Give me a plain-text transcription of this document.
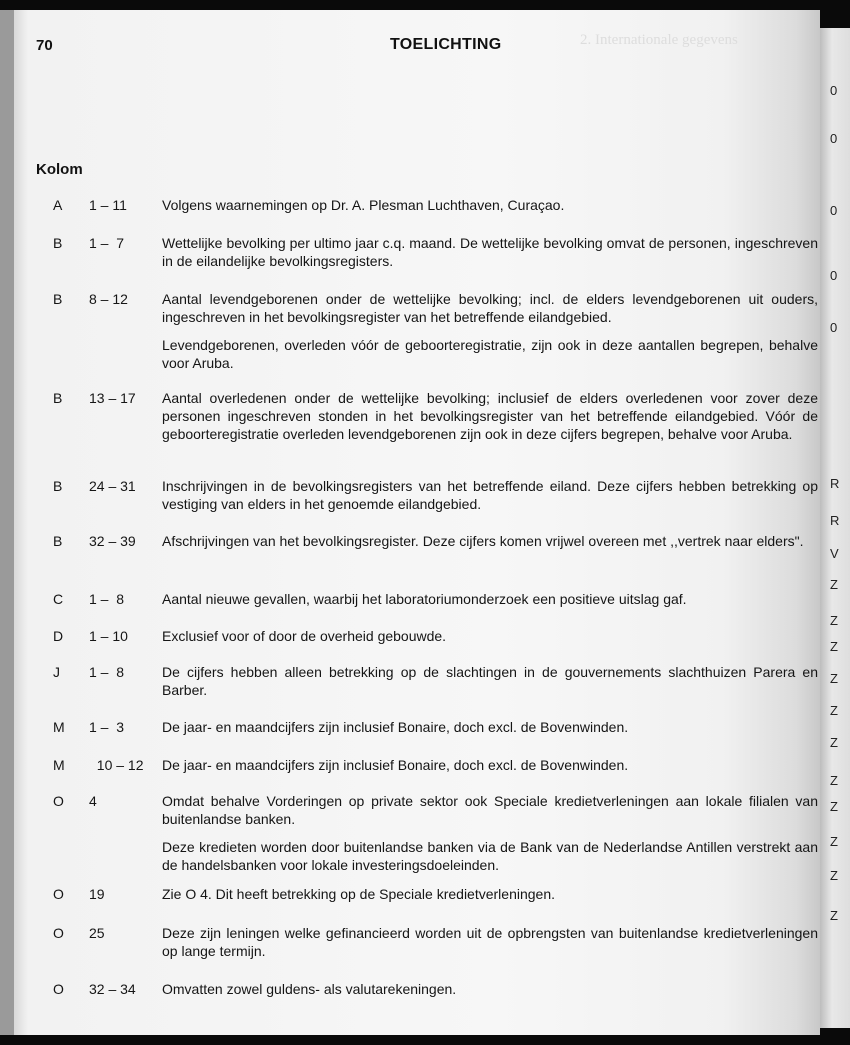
0
0
0
0
0
R
R
V
Z
Z
Z
Z
Z
Z
Z
Z
Z
Z
Z
70	TOELICHTING	2. Internationale gegevens
Kolom
A	1 – 11	Volgens waarnemingen op Dr. A. Plesman Luchthaven, Curaçao.

B	1 –  7	Wettelijke bevolking per ultimo jaar c.q. maand. De wettelijke bevolking omvat de personen, ingeschreven in de eilandelijke bevolkingsregisters.

B	8 – 12	Aantal levendgeborenen onder de wettelijke bevolking; incl. de elders levendgeborenen uit ouders, ingeschreven in het bevolkingsregister van het betreffende eilandgebied.

Levendgeborenen, overleden vóór de geboorteregistratie, zijn ook in deze aantallen begrepen, behalve voor Aruba.

B	13 – 17	Aantal overledenen onder de wettelijke bevolking; inclusief de elders overledenen voor zover deze personen ingeschreven stonden in het bevolkingsregister van het betreffende eilandgebied. Vóór de geboorteregistratie overleden levendgeborenen zijn ook in deze cijfers begrepen, behalve voor Aruba.

B	24 – 31	Inschrijvingen in de bevolkingsregisters van het betreffende eiland. Deze cijfers hebben betrekking op vestiging van elders in het genoemde eilandgebied.

B	32 – 39	Afschrijvingen van het bevolkingsregister. Deze cijfers komen vrijwel overeen met ,,vertrek naar elders".

C	1 –  8	Aantal nieuwe gevallen, waarbij het laboratoriumonderzoek een positieve uitslag gaf.

D	1 – 10	Exclusief voor of door de overheid gebouwde.

J	1 –  8	De cijfers hebben alleen betrekking op de slachtingen in de gouvernements slachthuizen Parera en Barber.

M	1 –  3	De jaar- en maandcijfers zijn inclusief Bonaire, doch excl. de Bovenwinden.

M	10 – 12	De jaar- en maandcijfers zijn inclusief Bonaire, doch excl. de Bovenwinden.

O	4	Omdat behalve Vorderingen op private sektor ook Speciale kredietverleningen aan lokale filialen van buitenlandse banken.

Deze kredieten worden door buitenlandse banken via de Bank van de Nederlandse Antillen verstrekt aan de handelsbanken voor lokale investeringsdoeleinden.

O	19	Zie O 4. Dit heeft betrekking op de Speciale kredietverleningen.

O	25	Deze zijn leningen welke gefinancieerd worden uit de opbrengsten van buitenlandse kredietverleningen op lange termijn.

O	32 – 34	Omvatten zowel guldens- als valutarekeningen.
